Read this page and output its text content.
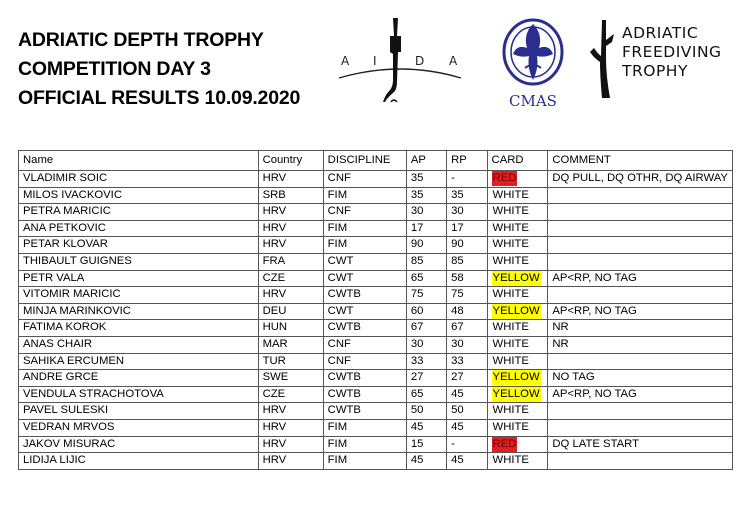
ADRIATIC DEPTH TROPHY
COMPETITION DAY 3
OFFICIAL RESULTS 10.09.2020
A I	D A
CMAS
ADRIATIC
FREEDIVING
TROPHY
Name	Country	DISCIPLINE	AP	RP	CARD	COMMENT
VLADIMIR SOIC	HRV	CNF	35	-	RED	DQ PULL, DQ OTHR, DQ AIRWAY
MILOS IVACKOVIC	SRB	FIM	35	35	WHITE	
PETRA MARICIC	HRV	CNF	30	30	WHITE	
ANA PETKOVIC	HRV	FIM	17	17	WHITE	
PETAR KLOVAR	HRV	FIM	90	90	WHITE	
THIBAULT GUIGNES	FRA	CWT	85	85	WHITE	
PETR VALA	CZE	CWT	65	58	YELLOW	AP<RP, NO TAG
VITOMIR MARICIC	HRV	CWTB	75	75	WHITE	
MINJA MARINKOVIC	DEU	CWT	60	48	YELLOW	AP<RP, NO TAG
FATIMA KOROK	HUN	CWTB	67	67	WHITE	NR
ANAS CHAIR	MAR	CNF	30	30	WHITE	NR
SAHIKA ERCUMEN	TUR	CNF	33	33	WHITE	
ANDRE GRCE	SWE	CWTB	27	27	YELLOW	NO TAG
VENDULA STRACHOTOVA	CZE	CWTB	65	45	YELLOW	AP<RP, NO TAG
PAVEL SULESKI	HRV	CWTB	50	50	WHITE	
VEDRAN MRVOS	HRV	FIM	45	45	WHITE	
JAKOV MISURAC	HRV	FIM	15	-	RED	DQ LATE START
LIDIJA LIJIC	HRV	FIM	45	45	WHITE	
